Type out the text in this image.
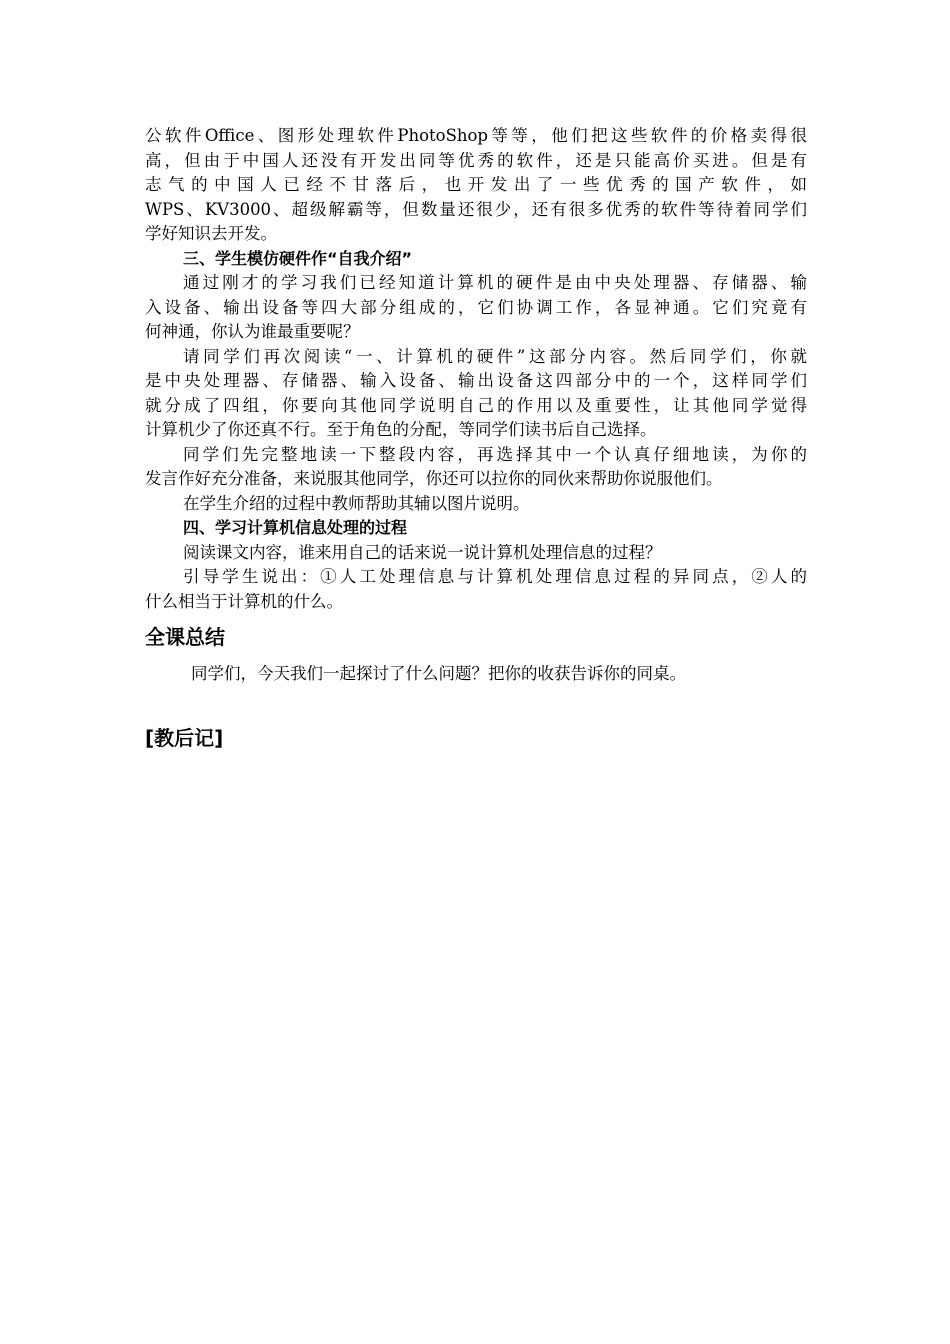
公软件Office、图形处理软件PhotoShop等等，他们把这些软件的价格卖得很
高，但由于中国人还没有开发出同等优秀的软件，还是只能高价买进。但是有
志气的中国人已经不甘落后，也开发出了一些优秀的国产软件，如
WPS、KV3000、超级解霸等，但数量还很少，还有很多优秀的软件等待着同学们
学好知识去开发。
三、学生模仿硬件作“自我介绍”
通过刚才的学习我们已经知道计算机的硬件是由中央处理器、存储器、输
入设备、输出设备等四大部分组成的，它们协调工作，各显神通。它们究竟有
何神通，你认为谁最重要呢？
请同学们再次阅读“一、计算机的硬件”这部分内容。然后同学们，你就
是中央处理器、存储器、输入设备、输出设备这四部分中的一个，这样同学们
就分成了四组，你要向其他同学说明自己的作用以及重要性，让其他同学觉得
计算机少了你还真不行。至于角色的分配，等同学们读书后自己选择。
同学们先完整地读一下整段内容，再选择其中一个认真仔细地读，为你的
发言作好充分准备，来说服其他同学，你还可以拉你的同伙来帮助你说服他们。
在学生介绍的过程中教师帮助其辅以图片说明。
四、学习计算机信息处理的过程
阅读课文内容，谁来用自己的话来说一说计算机处理信息的过程？
引导学生说出：①人工处理信息与计算机处理信息过程的异同点，②人的
什么相当于计算机的什么。
全课总结
同学们，今天我们一起探讨了什么问题？把你的收获告诉你的同桌。
[教后记]
